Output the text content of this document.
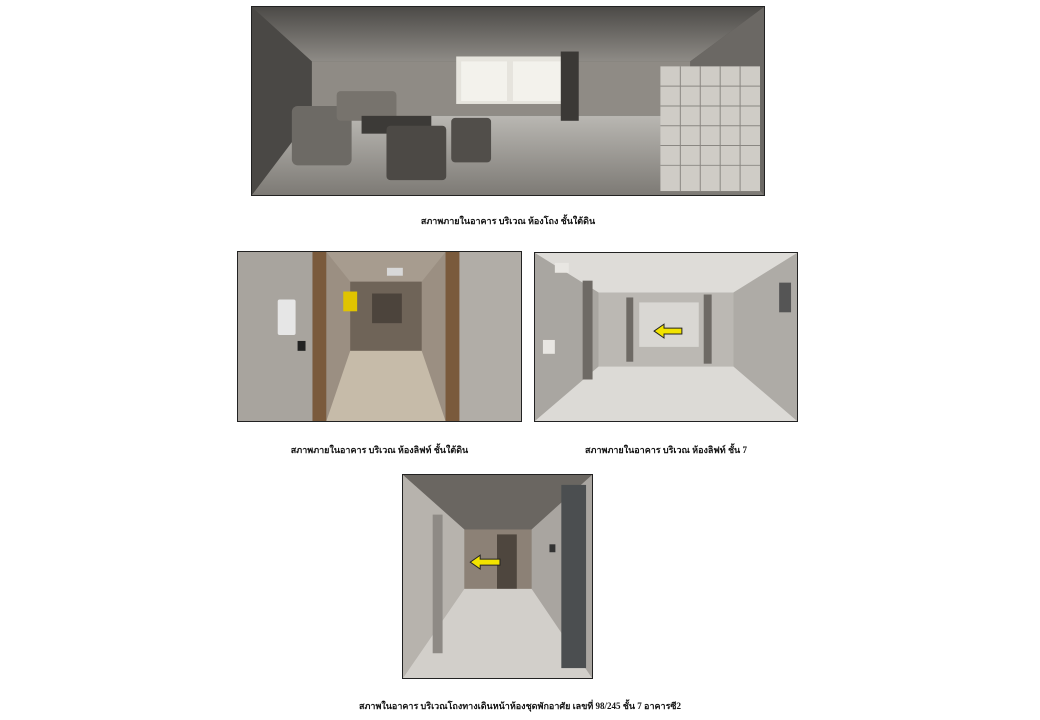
สภาพภายในอาคาร บริเวณ ห้องโถง ชั้นใต้ดิน
สภาพภายในอาคาร บริเวณ ห้องลิฟท์ ชั้นใต้ดิน	สภาพภายในอาคาร บริเวณ ห้องลิฟท์ ชั้น 7
สภาพในอาคาร บริเวณโถงทางเดินหน้าห้องชุดพักอาศัย เลขที่ 98/245 ชั้น 7 อาคารซี2
